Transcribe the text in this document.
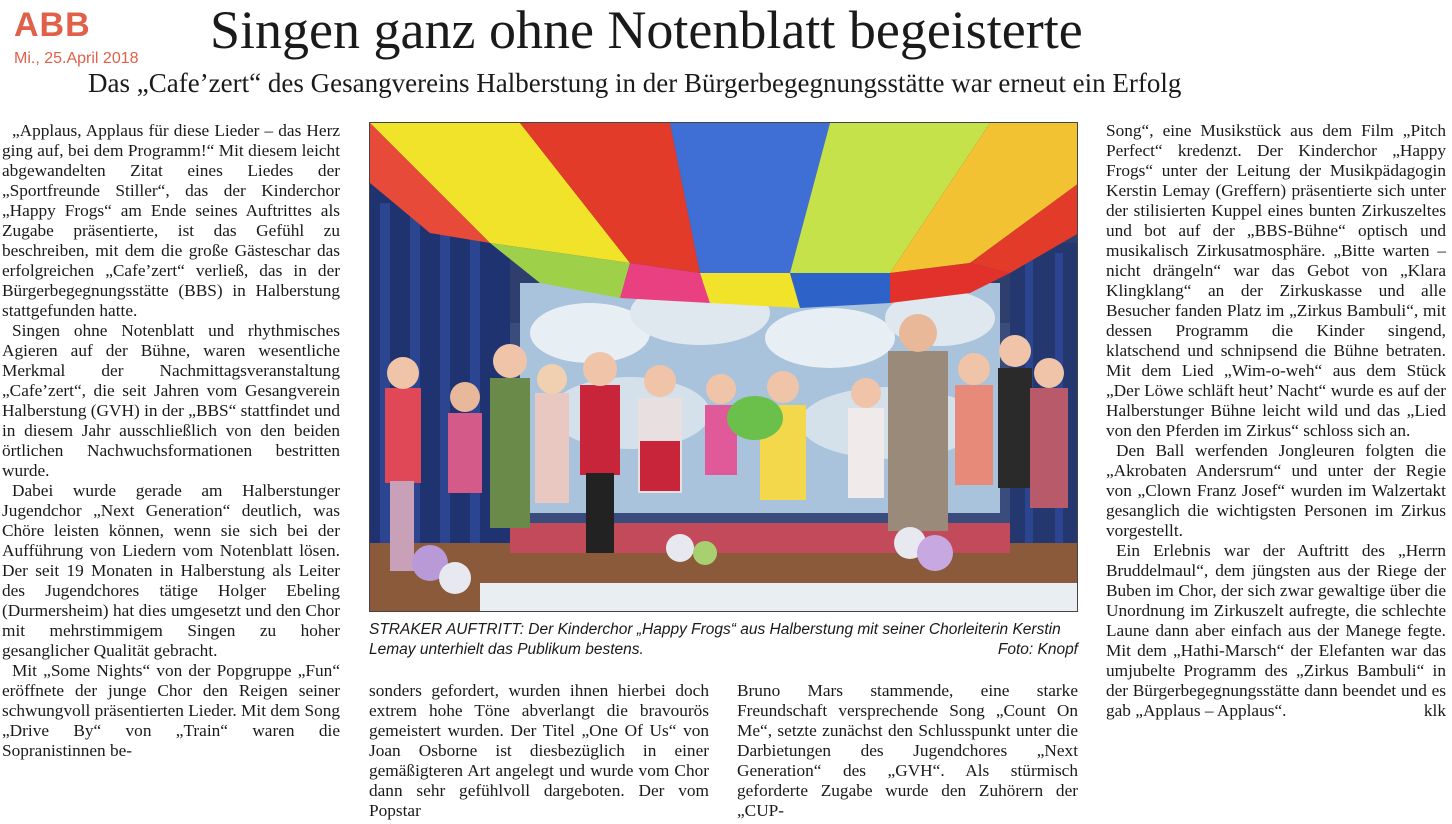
ABB
Mi., 25.April 2018 Singen ganz ohne Notenblatt begeisterte
Das „Cafe’zert“ des Gesangvereins Halberstung in der Bürgerbegegnungsstätte war erneut ein Erfolg

„Applaus, Applaus für diese Lieder – das Herz ging auf, bei dem Programm!“ Mit diesem leicht abgewandelten Zitat eines Liedes der „Sportfreunde Stiller“, das der Kinderchor „Happy Frogs“ am Ende seines Auftrittes als Zugabe präsentierte, ist das Gefühl zu beschreiben, mit dem die große Gästeschar das erfolgreichen „Cafe’zert“ verließ, das in der Bürgerbegegnungsstätte (BBS) in Halberstung stattgefunden hatte.

Singen ohne Notenblatt und rhythmisches Agieren auf der Bühne, waren wesentliche Merkmal der Nachmittagsveranstaltung „Cafe’zert“, die seit Jahren vom Gesangverein Halberstung (GVH) in der „BBS“ stattfindet und in diesem Jahr ausschließlich von den beiden örtlichen Nachwuchsformationen bestritten wurde.

Dabei wurde gerade am Halberstunger Jugendchor „Next Generation“ deutlich, was Chöre leisten können, wenn sie sich bei der Aufführung von Liedern vom Notenblatt lösen. Der seit 19 Monaten in Halberstung als Leiter des Jugendchores tätige Holger Ebeling (Durmersheim) hat dies umgesetzt und den Chor mit mehrstimmigem Singen zu hoher gesanglicher Qualität gebracht.

Mit „Some Nights“ von der Popgruppe „Fun“ eröffnete der junge Chor den Reigen seiner schwungvoll präsentierten Lieder. Mit dem Song „Drive By“ von „Train“ waren die Sopranistinnen be-

STRAKER AUFTRITT: Der Kinderchor „Happy Frogs“ aus Halberstung mit seiner Chorleiterin Kerstin Lemay unterhielt das Publikum bestens.	Foto: Knopf

sonders gefordert, wurden ihnen hierbei doch extrem hohe Töne abverlangt die bravourös gemeistert wurden. Der Titel „One Of Us“ von Joan Osborne ist diesbezüglich in einer gemäßigteren Art angelegt und wurde vom Chor dann sehr gefühlvoll dargeboten. Der vom Popstar

Bruno Mars stammende, eine starke Freundschaft versprechende Song „Count On Me“, setzte zunächst den Schlusspunkt unter die Darbietungen des Jugendchores „Next Generation“ des „GVH“. Als stürmisch geforderte Zugabe wurde den Zuhörern der „CUP-

Song“, eine Musikstück aus dem Film „Pitch Perfect“ kredenzt. Der Kinderchor „Happy Frogs“ unter der Leitung der Musikpädagogin Kerstin Lemay (Greffern) präsentierte sich unter der stilisierten Kuppel eines bunten Zirkuszeltes und bot auf der „BBS-Bühne“ optisch und musikalisch Zirkusatmosphäre. „Bitte warten – nicht drängeln“ war das Gebot von „Klara Klingklang“ an der Zirkuskasse und alle Besucher fanden Platz im „Zirkus Bambuli“, mit dessen Programm die Kinder singend, klatschend und schnipsend die Bühne betraten. Mit dem Lied „Wim-o-weh“ aus dem Stück „Der Löwe schläft heut’ Nacht“ wurde es auf der Halberstunger Bühne leicht wild und das „Lied von den Pferden im Zirkus“ schloss sich an.

Den Ball werfenden Jongleuren folgten die „Akrobaten Andersrum“ und unter der Regie von „Clown Franz Josef“ wurden im Walzertakt gesanglich die wichtigsten Personen im Zirkus vorgestellt.

Ein Erlebnis war der Auftritt des „Herrn Bruddelmaul“, dem jüngsten aus der Riege der Buben im Chor, der sich zwar gewaltige über die Unordnung im Zirkuszelt aufregte, die schlechte Laune dann aber einfach aus der Manege fegte. Mit dem „Hathi-Marsch“ der Elefanten war das umjubelte Programm des „Zirkus Bambuli“ in der Bürgerbegegnungsstätte dann beendet und es gab „Applaus – Applaus“.	klk
